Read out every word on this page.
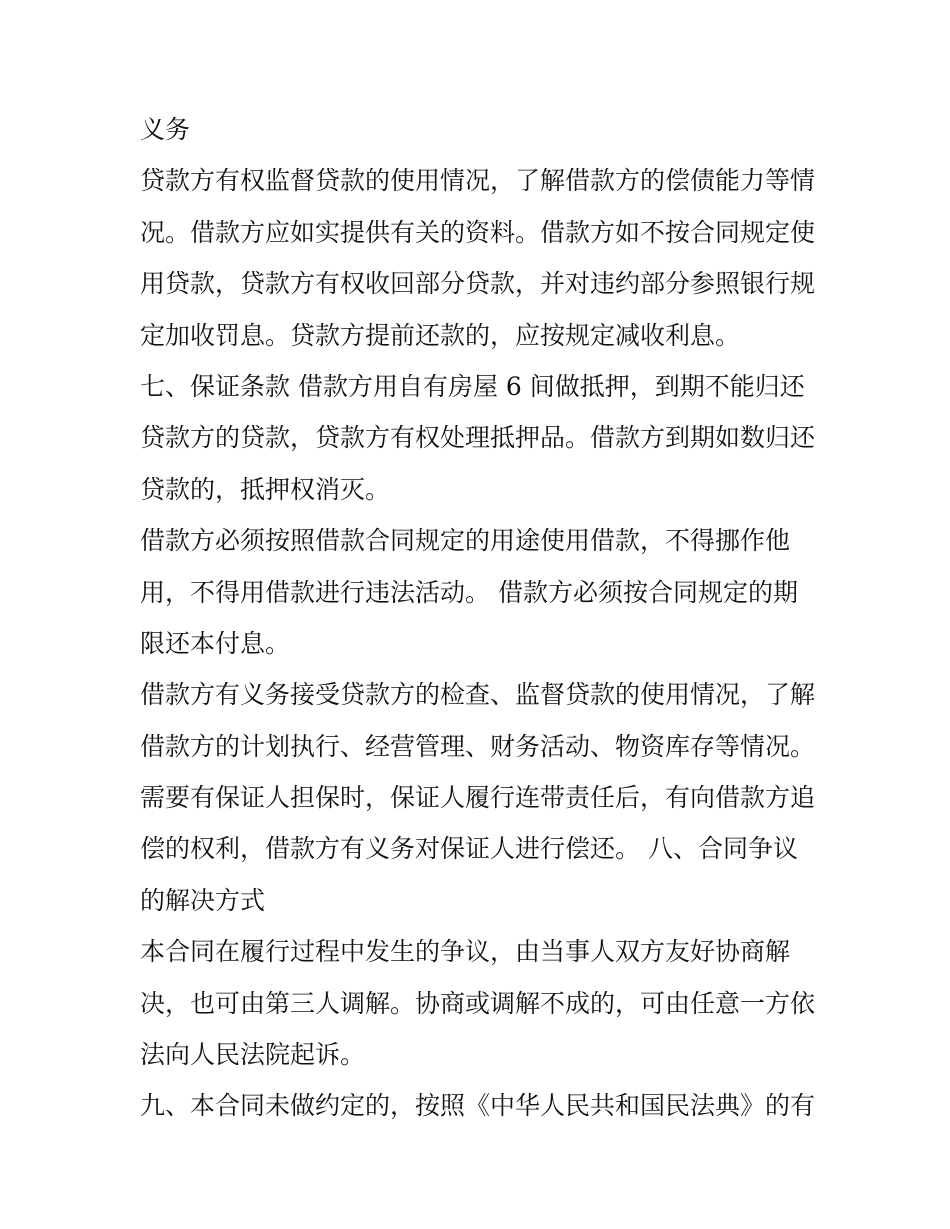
义务
贷款方有权监督贷款的使用情况，了解借款方的偿债能力等情
况。借款方应如实提供有关的资料。借款方如不按合同规定使
用贷款，贷款方有权收回部分贷款，并对违约部分参照银行规
定加收罚息。贷款方提前还款的，应按规定减收利息。
七、保证条款 借款方用自有房屋 6 间做抵押，到期不能归还
贷款方的贷款，贷款方有权处理抵押品。借款方到期如数归还
贷款的，抵押权消灭。
借款方必须按照借款合同规定的用途使用借款，不得挪作他
用，不得用借款进行违法活动。 借款方必须按合同规定的期
限还本付息。
借款方有义务接受贷款方的检查、监督贷款的使用情况，了解
借款方的计划执行、经营管理、财务活动、物资库存等情况。
需要有保证人担保时，保证人履行连带责任后，有向借款方追
偿的权利，借款方有义务对保证人进行偿还。 八、合同争议
的解决方式
本合同在履行过程中发生的争议，由当事人双方友好协商解
决，也可由第三人调解。协商或调解不成的，可由任意一方依
法向人民法院起诉。
九、本合同未做约定的，按照《中华人民共和国民法典》的有
